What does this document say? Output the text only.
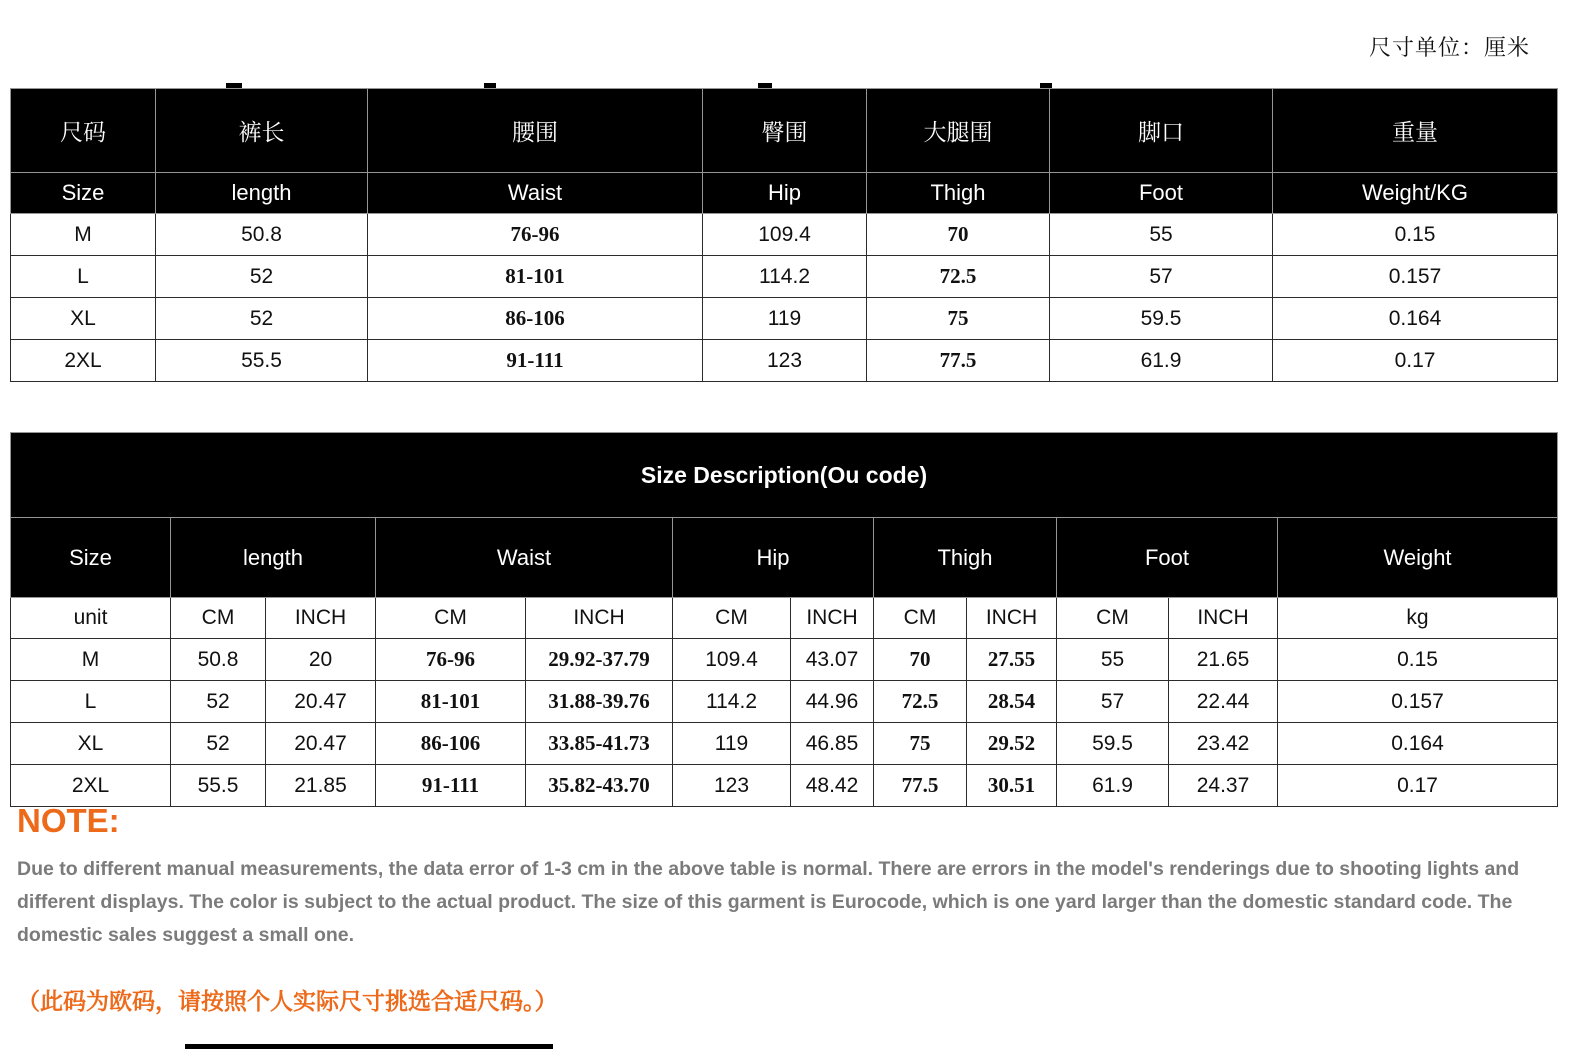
尺寸单位：厘米
尺码	裤长	腰围	臀围	大腿围	脚口	重量
Size	length	Waist	Hip	Thigh	Foot	Weight/KG
M	50.8	76-96	109.4	70	55	0.15
L	52	81-101	114.2	72.5	57	0.157
XL	52	86-106	119	75	59.5	0.164
2XL	55.5	91-111	123	77.5	61.9	0.17
Size Description(Ou code)											
Size	length		Waist		Hip		Thigh		Foot		Weight
unit	CM	INCH	CM	INCH	CM	INCH	CM	INCH	CM	INCH	kg
M	50.8	20	76-96	29.92-37.79	109.4	43.07	70	27.55	55	21.65	0.15
L	52	20.47	81-101	31.88-39.76	114.2	44.96	72.5	28.54	57	22.44	0.157
XL	52	20.47	86-106	33.85-41.73	119	46.85	75	29.52	59.5	23.42	0.164
2XL	55.5	21.85	91-111	35.82-43.70	123	48.42	77.5	30.51	61.9	24.37	0.17
NOTE:
Due to different manual measurements, the data error of 1-3 cm in the above table is normal. There are errors in the model's renderings due to shooting lights and different displays. The color is subject to the actual product. The size of this garment is Eurocode, which is one yard larger than the domestic standard code. The domestic sales suggest a small one.
（此码为欧码，请按照个人实际尺寸挑选合适尺码。）
